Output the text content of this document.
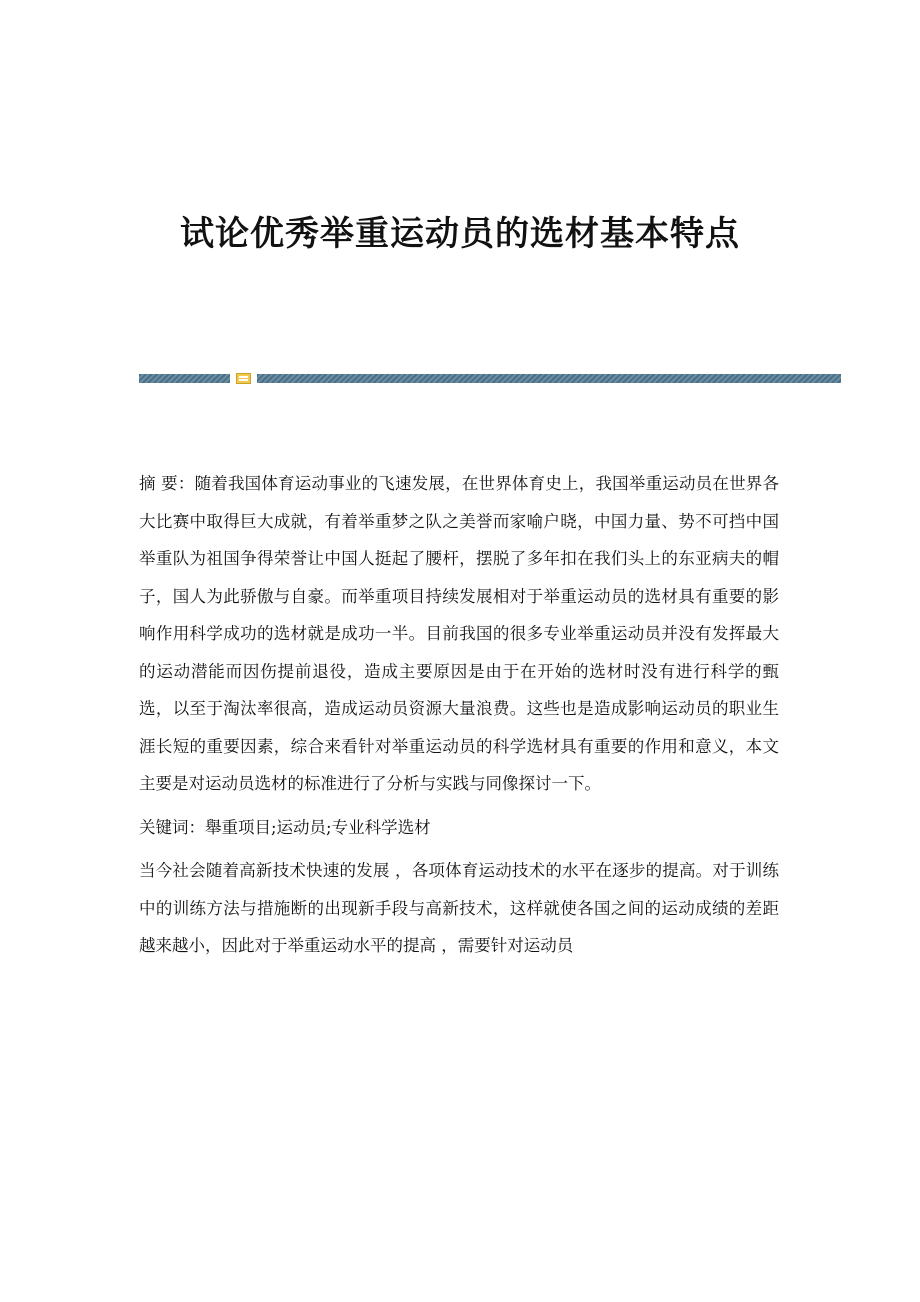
试论优秀举重运动员的选材基本特点

摘 要：随着我国体育运动事业的飞速发展，在世界体育史上，我国举重运动员在世界各大比赛中取得巨大成就，有着举重梦之队之美誉而家喻户晓，中国力量、势不可挡中国举重队为祖国争得荣誉让中国人挺起了腰杆，摆脱了多年扣在我们头上的东亚病夫的帽子，国人为此骄傲与自豪。而举重项目持续发展相对于举重运动员的选材具有重要的影响作用科学成功的选材就是成功一半。目前我国的很多专业举重运动员并没有发挥最大的运动潜能而因伤提前退役，造成主要原因是由于在开始的选材时没有进行科学的甄选，以至于淘汰率很高，造成运动员资源大量浪费。这些也是造成影响运动员的职业生涯长短的重要因素，综合来看针对举重运动员的科学选材具有重要的作用和意义，本文主要是对运动员选材的标准进行了分析与实践与同像探讨一下。

关键词：舉重项目;运动员;专业科学选材

当今社会随着高新技术快速的发展 ，各项体育运动技术的水平在逐步的提高。对于训练中的训练方法与措施断的出现新手段与高新技术，这样就使各国之间的运动成绩的差距越来越小，因此对于举重运动水平的提高 ，需要针对运动员
